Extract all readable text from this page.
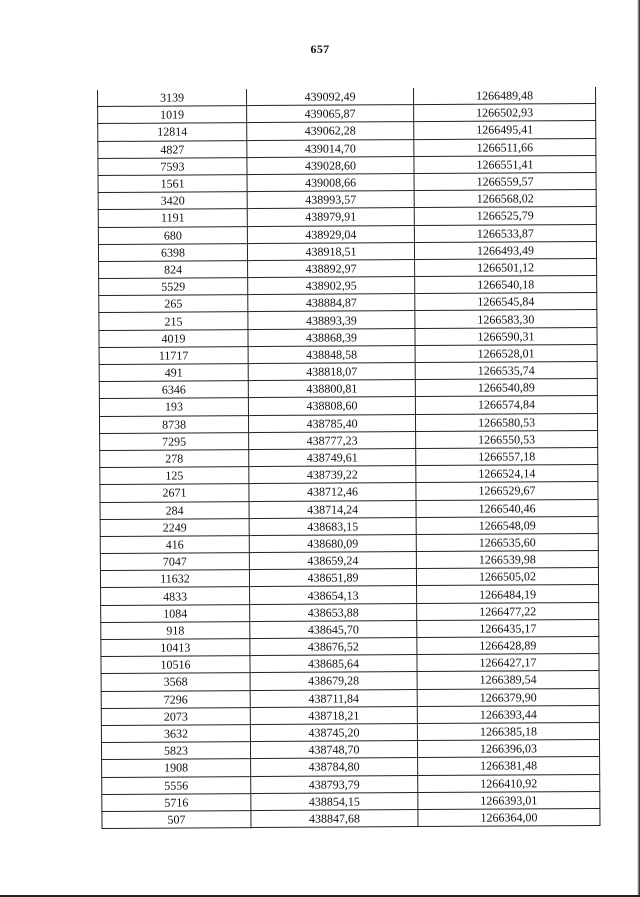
657
3139	439092,49	1266489,48
1019	439065,87	1266502,93
12814	439062,28	1266495,41
4827	439014,70	1266511,66
7593	439028,60	1266551,41
1561	439008,66	1266559,57
3420	438993,57	1266568,02
1191	438979,91	1266525,79
680	438929,04	1266533,87
6398	438918,51	1266493,49
824	438892,97	1266501,12
5529	438902,95	1266540,18
265	438884,87	1266545,84
215	438893,39	1266583,30
4019	438868,39	1266590,31
11717	438848,58	1266528,01
491	438818,07	1266535,74
6346	438800,81	1266540,89
193	438808,60	1266574,84
8738	438785,40	1266580,53
7295	438777,23	1266550,53
278	438749,61	1266557,18
125	438739,22	1266524,14
2671	438712,46	1266529,67
284	438714,24	1266540,46
2249	438683,15	1266548,09
416	438680,09	1266535,60
7047	438659,24	1266539,98
11632	438651,89	1266505,02
4833	438654,13	1266484,19
1084	438653,88	1266477,22
918	438645,70	1266435,17
10413	438676,52	1266428,89
10516	438685,64	1266427,17
3568	438679,28	1266389,54
7296	438711,84	1266379,90
2073	438718,21	1266393,44
3632	438745,20	1266385,18
5823	438748,70	1266396,03
1908	438784,80	1266381,48
5556	438793,79	1266410,92
5716	438854,15	1266393,01
507	438847,68	1266364,00
